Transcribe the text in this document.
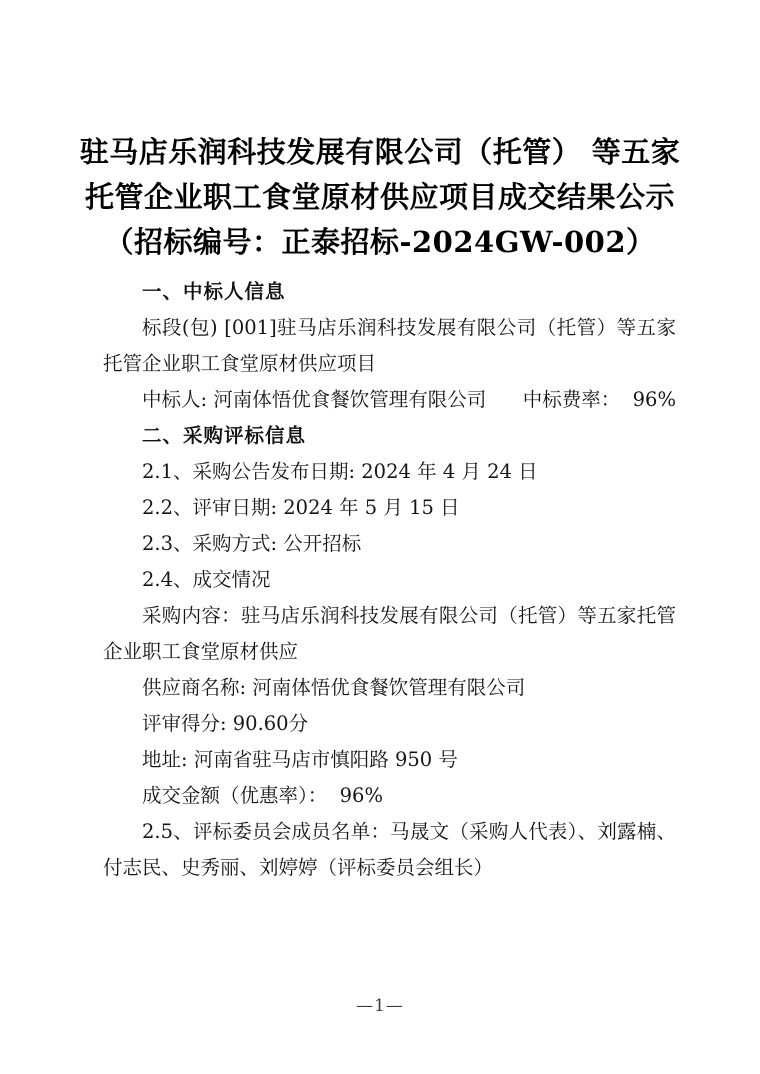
驻马店乐润科技发展有限公司（托管） 等五家
托管企业职工食堂原材供应项目成交结果公示
（招标编号：正泰招标-2024GW-002）
一、中标人信息

标段(包) [001]驻马店乐润科技发展有限公司（托管）等五家托管企业职工食堂原材供应项目

中标人: 河南体悟优食餐饮管理有限公司 中标费率：  96%
二、采购评标信息
2.1、采购公告发布日期: 2024 年 4 月 24 日
2.2、评审日期: 2024 年 5 月 15 日
2.3、采购方式: 公开招标
2.4、成交情况

采购内容：驻马店乐润科技发展有限公司（托管）等五家托管企业职工食堂原材供应

供应商名称: 河南体悟优食餐饮管理有限公司
评审得分: 90.60分
地址: 河南省驻马店市慎阳路 950 号
成交金额（优惠率）：  96%

2.5、评标委员会成员名单：马晟文（采购人代表）、刘露楠、付志民、史秀丽、刘婷婷（评标委员会组长）

—1—
